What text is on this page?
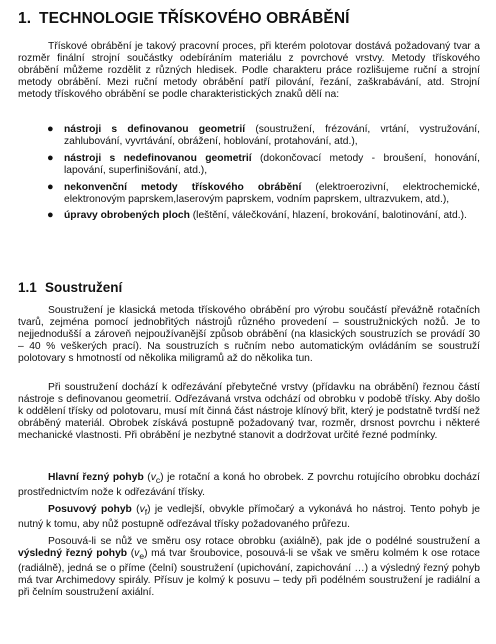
1. TECHNOLOGIE TŘÍSKOVÉHO OBRÁBĚNÍ

Třískové obrábění je takový pracovní proces, při kterém polotovar dostává požadovaný tvar a rozměr finální strojní součástky odebíráním materiálu z povrchové vrstvy. Metody třískového obrábění můžeme rozdělit z různých hledisek. Podle charakteru práce rozlišujeme ruční a strojní metody obrábění. Mezi ruční metody obrábění patří pilování, řezání, zaškrabávání, atd. Strojní metody třískového obrábění se podle charakteristických znaků dělí na:

● nástroji s definovanou geometrií (soustružení, frézování, vrtání, vystružování, zahlubování, vyvrtávání, obrážení, hoblování, protahování, atd.),
● nástroji s nedefinovanou geometrií (dokončovací metody - broušení, honování, lapování, superfinišování, atd.),
● nekonvenční metody třískového obrábění (elektroerozivní, elektrochemické, elektronovým paprskem,laserovým paprskem, vodním paprskem, ultrazvukem, atd.),
● úpravy obrobených ploch (leštění, válečkování, hlazení, brokování, balotinování, atd.).
1.1 Soustružení

Soustružení je klasická metoda třískového obrábění pro výrobu součástí převážně rotačních tvarů, zejména pomocí jednobřitých nástrojů různého provedení – soustružnických nožů. Je to nejjednodušší a zároveň nejpoužívanější způsob obrábění (na klasických soustruzích se provádí 30 – 40 % veškerých prací). Na soustruzích s ručním nebo automatickým ovládáním se soustruží polotovary s hmotností od několika miligramů až do několika tun.

Při soustružení dochází k odřezávání přebytečné vrstvy (přídavku na obrábění) řeznou částí nástroje s definovanou geometrií. Odřezávaná vrstva odchází od obrobku v podobě třísky. Aby došlo k oddělení třísky od polotovaru, musí mít činná část nástroje klínový břit, který je podstatně tvrdší než obráběný materiál. Obrobek získává postupně požadovaný tvar, rozměr, drsnost povrchu i některé mechanické vlastnosti. Při obrábění je nezbytné stanovit a dodržovat určité řezné podmínky.

Hlavní řezný pohyb $(v_c)$ je rotační a koná ho obrobek. Z povrchu rotujícího obrobku dochází prostřednictvím nože k odřezávání třísky.

Posuvový pohyb $(v_f)$ je vedlejší, obvykle přímočarý a vykonává ho nástroj. Tento pohyb je nutný k tomu, aby nůž postupně odřezával třísky požadovaného průřezu.

Posouvá-li se nůž ve směru osy rotace obrobku (axiálně), pak jde o podélné soustružení a výsledný řezný pohyb $(v_e)$ má tvar šroubovice, posouvá-li se však ve směru kolmém k ose rotace (radiálně), jedná se o příme (čelní) soustružení (upichování, zapichování …) a výsledný řezný pohyb má tvar Archimedovy spirály. Přísuv je kolmý k posuvu – tedy při podélném soustružení je radiální a při čelním soustružení axiální.
